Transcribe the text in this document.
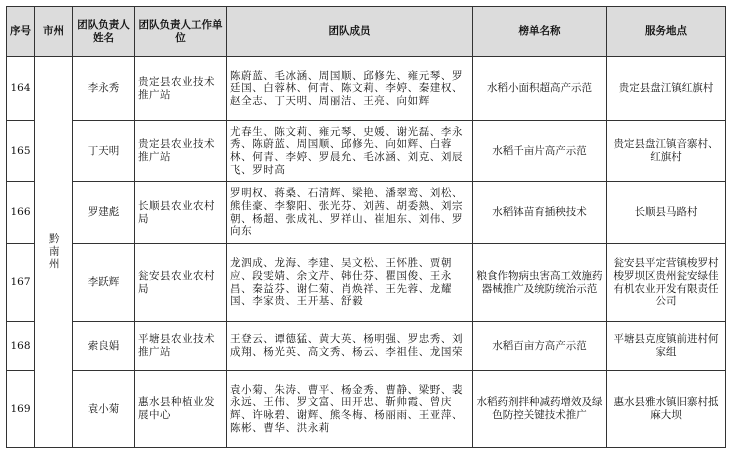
序号	市州	团队负责人姓名	团队负责人工作单位	团队成员	榜单名称	服务地点
164	黔南州	李永秀	贵定县农业技术推广站	陈蔚蓝、毛冰涵、周国顺、邱修先、雍元琴、罗廷国、白蓉林、何青、陈文莉、李婷、秦建权、赵全志、丁天明、周丽洁、王亮、向如辉	水稻小面积超高产示范	贵定县盘江镇红旗村
165		丁天明	贵定县农业技术推广站	尤春生、陈文莉、雍元琴、史媛、谢光磊、李永秀、陈蔚蓝、周国顺、邱修先、向如辉、白蓉林、何青、李婷、罗晨允、毛冰涵、刘克、刘辰飞、罗时高	水稻千亩片高产示范	贵定县盘江镇音寨村、红旗村
166		罗建彪	长顺县农业农村局	罗明权、蒋桑、石清辉、梁艳、潘翠鸾、刘松、熊佳豪、李黎阳、张光芬、刘茜、胡委熱、刘宗朝、杨超、张成礼、罗祥山、崔旭东、刘伟、罗向东	水稻钵苗育插秧技术	长顺县马路村
167		李跃辉	瓮安县农业农村局	龙泗成、龙海、李建、吴文松、王怀胜、贾朝应、段雯婧、余文芹、韩仕芬、瞿国俊、王永昌、秦益芬、谢仁菊、肖焕祥、王先蓉、龙耀国、李家贵、王开基、舒毅	粮食作物病虫害高工效施药器械推广及统防统治示范	瓮安县平定营镇梭罗村梭罗坝区贵州瓮安绿佳有机农业开发有限责任公司
168		索良娟	平塘县农业技术推广站	王登云、谭德猛、黄大英、杨明强、罗忠秀、刘成翔、杨光英、高文秀、杨云、李祖佳、龙国荣	水稻百亩方高产示范	平塘县克度镇前进村何家组
169		袁小菊	惠水县种植业发展中心	袁小菊、朱涛、曹平、杨金秀、曹静、梁野、裴永远、王伟、罗文富、田开忠、靳帅霞、曾庆辉、许咏碧、谢辉、熊冬梅、杨丽雨、王亚萍、陈彬、曹华、洪永莉	水稻药剂拌种减药增效及绿色防控关键技术推广	惠水县雅水镇旧寨村抵麻大坝
